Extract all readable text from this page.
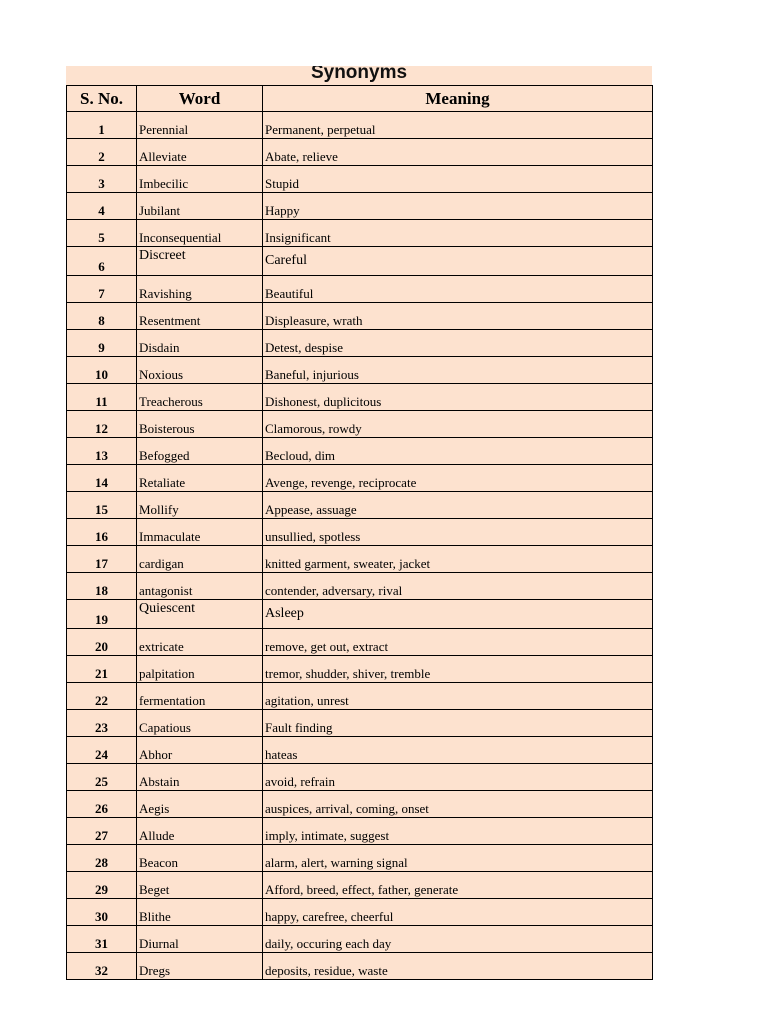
Synonyms
S. No.	Word	Meaning
1	Perennial	Permanent, perpetual
2	Alleviate	Abate, relieve
3	Imbecilic	Stupid
4	Jubilant	Happy
5	Inconsequential	Insignificant
6	Discreet	Careful
7	Ravishing	Beautiful
8	Resentment	Displeasure, wrath
9	Disdain	Detest, despise
10	Noxious	Baneful, injurious
11	Treacherous	Dishonest, duplicitous
12	Boisterous	Clamorous, rowdy
13	Befogged	Becloud, dim
14	Retaliate	Avenge, revenge, reciprocate
15	Mollify	Appease, assuage
16	Immaculate	unsullied, spotless
17	cardigan	knitted garment, sweater, jacket
18	antagonist	contender, adversary, rival
19	Quiescent	Asleep
20	extricate	remove, get out, extract
21	palpitation	tremor, shudder, shiver, tremble
22	fermentation	agitation, unrest
23	Capatious	Fault finding
24	Abhor	hateas
25	Abstain	avoid, refrain
26	Aegis	auspices, arrival, coming, onset
27	Allude	imply, intimate, suggest
28	Beacon	alarm, alert, warning signal
29	Beget	Afford, breed, effect, father, generate
30	Blithe	happy, carefree, cheerful
31	Diurnal	daily, occuring each day
32	Dregs	deposits, residue, waste
